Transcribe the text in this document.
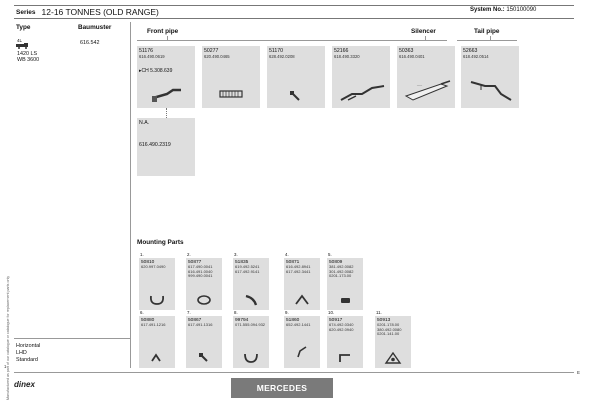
Manufactured as part of our catalogue or catalogue for replacement parts only
Series 12-16 TONNES (OLD RANGE)	System No.: 150100090
Type	Baumuster
4L
1420 LS
WB 3600
616.542
Front pipe	Silencer	Tail pipe
51176
616.490.0619
▸CH 5.308.639
50277
620.490.0465
51170
628.492.0208
52166
618.490.3320
50363
616.490.0401
___
52663
618.492.0514
N.A.
616.490.2319
Mounting Parts
1.
50810
620.997.0490
2.
50877
617.490.0041
616.491.0040
999.490.0041
3.
51835
619.492.5241
617.492.9141
4.
50871
616.492.8941
617.492.3441
5.
50809
381.492.0082
301.492.0082
0201.173.00
6.
50880
617.491.1216
7.
50867
617.491.1316
8.
99794
071.555.094.932
9.
51860
652.492.1441
10.
50917
674.492.0340
620.492.0940
11.
50913
0201.178.00
380.492.0080
0201.141.00
Horizontal
LHD
Standard
1
E
dinex	MERCEDES
